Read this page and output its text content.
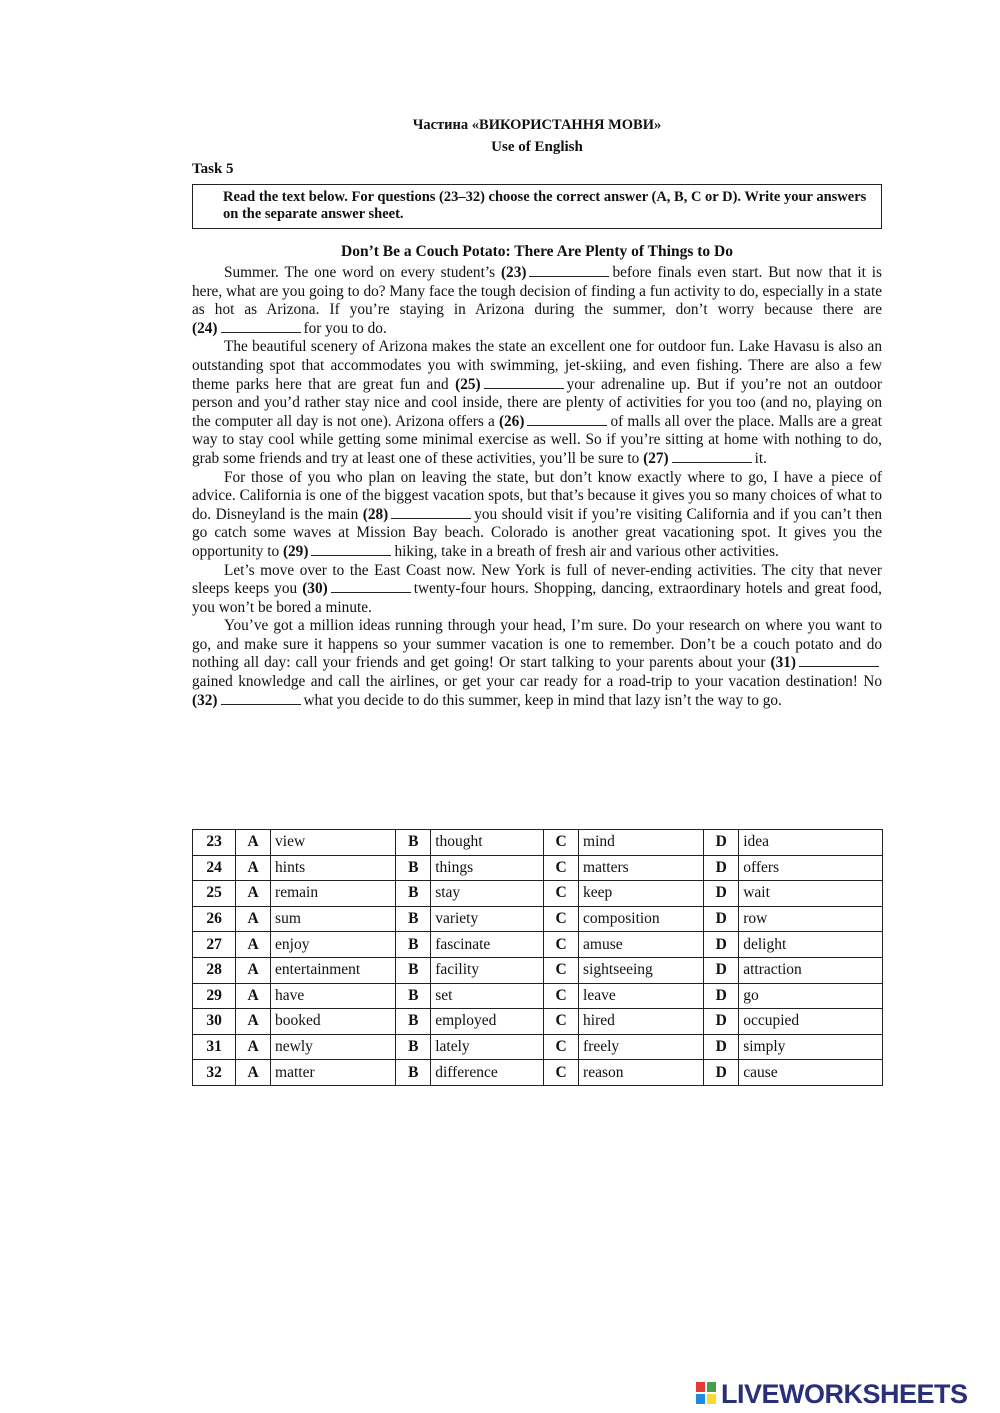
Частина «ВИКОРИСТАННЯ МОВИ»
Use of English
Task 5
Read the text below. For questions (23–32) choose the correct answer (A, B, C or D). Write your answers on the separate answer sheet.
Don’t Be a Couch Potato: There Are Plenty of Things to Do

Summer. The one word on every student’s (23)	before finals even start. But now that it is here, what are you going to do? Many face the tough decision of finding a fun activity to do, especially in a state as hot as Arizona. If you’re staying in Arizona during the summer, don’t worry because there are (24)	for you to do.

The beautiful scenery of Arizona makes the state an excellent one for outdoor fun. Lake Havasu is also an outstanding spot that accommodates you with swimming, jet-skiing, and even fishing. There are also a few theme parks here that are great fun and (25)	your adrenaline up. But if you’re not an outdoor person and you’d rather stay nice and cool inside, there are plenty of activities for you too (and no, playing on the computer all day is not one). Arizona offers a (26)	of malls all over the place. Malls are a great way to stay cool while getting some minimal exercise as well. So if you’re sitting at home with nothing to do, grab some friends and try at least one of these activities, you’ll be sure to (27)	it.

For those of you who plan on leaving the state, but don’t know exactly where to go, I have a piece of advice. California is one of the biggest vacation spots, but that’s because it gives you so many choices of what to do. Disneyland is the main (28)	you should visit if you’re visiting California and if you can’t then go catch some waves at Mission Bay beach. Colorado is another great vacationing spot. It gives you the opportunity to (29)	hiking, take in a breath of fresh air and various other activities.

Let’s move over to the East Coast now. New York is full of never-ending activities. The city that never sleeps keeps you (30)	twenty-four hours. Shopping, dancing, extraordinary hotels and great food, you won’t be bored a minute.

You’ve got a million ideas running through your head, I’m sure. Do your research on where you want to go, and make sure it happens so your summer vacation is one to remember. Don’t be a couch potato and do nothing all day: call your friends and get going! Or start talking to your parents about your (31)gained knowledge and call the airlines, or get your car ready for a road-trip to your vacation destination! No (32)	what you decide to do this summer, keep in mind that lazy isn’t the way to go.

23	A	view	B	thought	C	mind	D	idea
24	A	hints	B	things	C	matters	D	offers
25	A	remain	B	stay	C	keep	D	wait
26	A	sum	B	variety	C	composition	D	row
27	A	enjoy	B	fascinate	C	amuse	D	delight
28	A	entertainment	B	facility	C	sightseeing	D	attraction
29	A	have	B	set	C	leave	D	go
30	A	booked	B	employed	C	hired	D	occupied
31	A	newly	B	lately	C	freely	D	simply
32	A	matter	B	difference	C	reason	D	cause
LIVEWORKSHEETS
